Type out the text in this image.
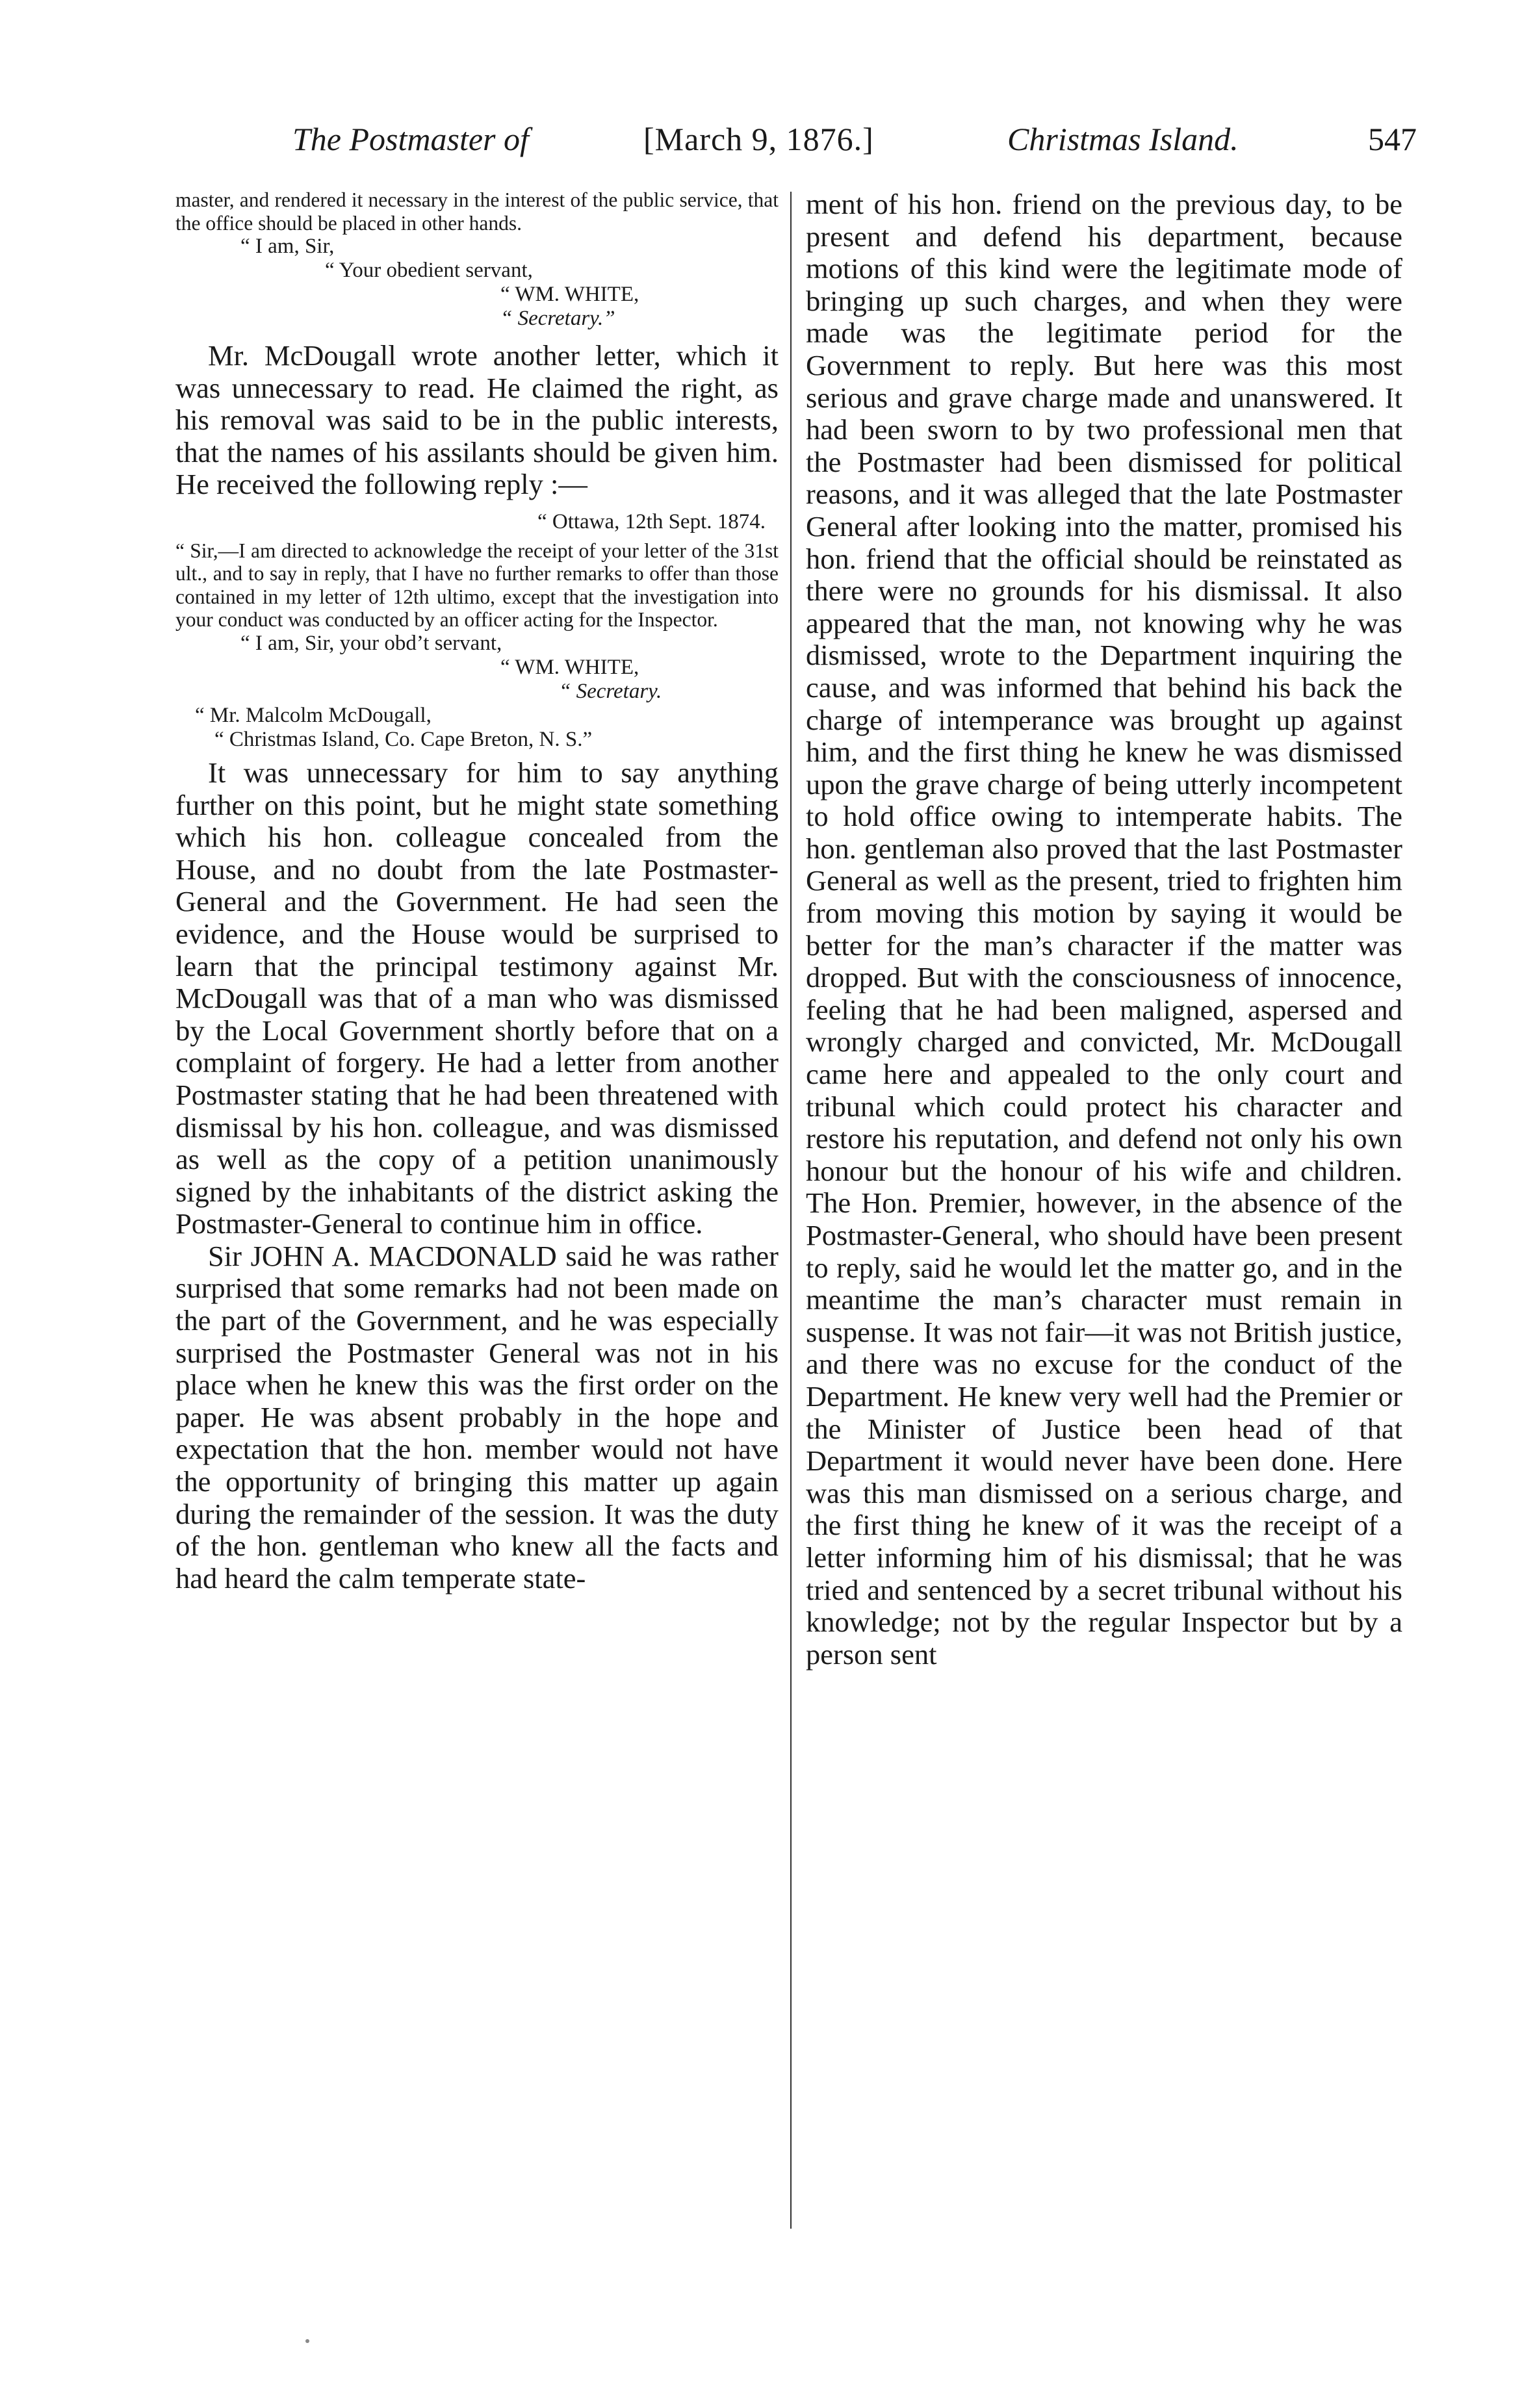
The Postmaster of	[March 9, 1876.]	Christmas Island.	547

master, and rendered it necessary in the interest of the public service, that the office should be placed in other hands.

“ I am, Sir,

“ Your obedient servant,

“ WM. WHITE,

“ Secretary.”

Mr. McDougall wrote another letter, which it was unnecessary to read. He claimed the right, as his removal was said to be in the public interests, that the names of his assilants should be given him. He received the following reply :—

“ Ottawa, 12th Sept. 1874.

“ Sir,—I am directed to acknowledge the receipt of your letter of the 31st ult., and to say in reply, that I have no further remarks to offer than those contained in my letter of 12th ultimo, except that the investigation into your conduct was conducted by an officer acting for the Inspector.

“ I am, Sir, your obd’t servant,

“ WM. WHITE,

“ Secretary.

“ Mr. Malcolm McDougall,

“ Christmas Island, Co. Cape Breton, N. S.”

It was unnecessary for him to say anything further on this point, but he might state something which his hon. colleague concealed from the House, and no doubt from the late Postmaster-General and the Government. He had seen the evidence, and the House would be surprised to learn that the principal testimony against Mr. McDougall was that of a man who was dismissed by the Local Government shortly before that on a complaint of forgery. He had a letter from another Postmaster stating that he had been threatened with dismissal by his hon. colleague, and was dismissed as well as the copy of a petition unanimously signed by the inhabitants of the district asking the Postmaster-General to continue him in office.

Sir JOHN A. MACDONALD said he was rather surprised that some remarks had not been made on the part of the Government, and he was especially surprised the Postmaster General was not in his place when he knew this was the first order on the paper. He was absent probably in the hope and expectation that the hon. member would not have the opportunity of bringing this matter up again during the remainder of the session. It was the duty of the hon. gentleman who knew all the facts and had heard the calm temperate state-

ment of his hon. friend on the previous day, to be present and defend his department, because motions of this kind were the legitimate mode of bringing up such charges, and when they were made was the legitimate period for the Government to reply. But here was this most serious and grave charge made and unanswered. It had been sworn to by two professional men that the Postmaster had been dismissed for political reasons, and it was alleged that the late Postmaster General after looking into the matter, promised his hon. friend that the official should be reinstated as there were no grounds for his dismissal. It also appeared that the man, not knowing why he was dismissed, wrote to the Department inquiring the cause, and was informed that behind his back the charge of intemperance was brought up against him, and the first thing he knew he was dismissed upon the grave charge of being utterly incompetent to hold office owing to intemperate habits. The hon. gentleman also proved that the last Postmaster General as well as the present, tried to frighten him from moving this motion by saying it would be better for the man’s character if the matter was dropped. But with the consciousness of innocence, feeling that he had been maligned, aspersed and wrongly charged and convicted, Mr. McDougall came here and appealed to the only court and tribunal which could protect his character and restore his reputation, and defend not only his own honour but the honour of his wife and children. The Hon. Premier, however, in the absence of the Postmaster-General, who should have been present to reply, said he would let the matter go, and in the meantime the man’s character must remain in suspense. It was not fair—it was not British justice, and there was no excuse for the conduct of the Department. He knew very well had the Premier or the Minister of Justice been head of that Department it would never have been done. Here was this man dismissed on a serious charge, and the first thing he knew of it was the receipt of a letter informing him of his dismissal; that he was tried and sentenced by a secret tribunal without his knowledge; not by the regular Inspector but by a person sent
